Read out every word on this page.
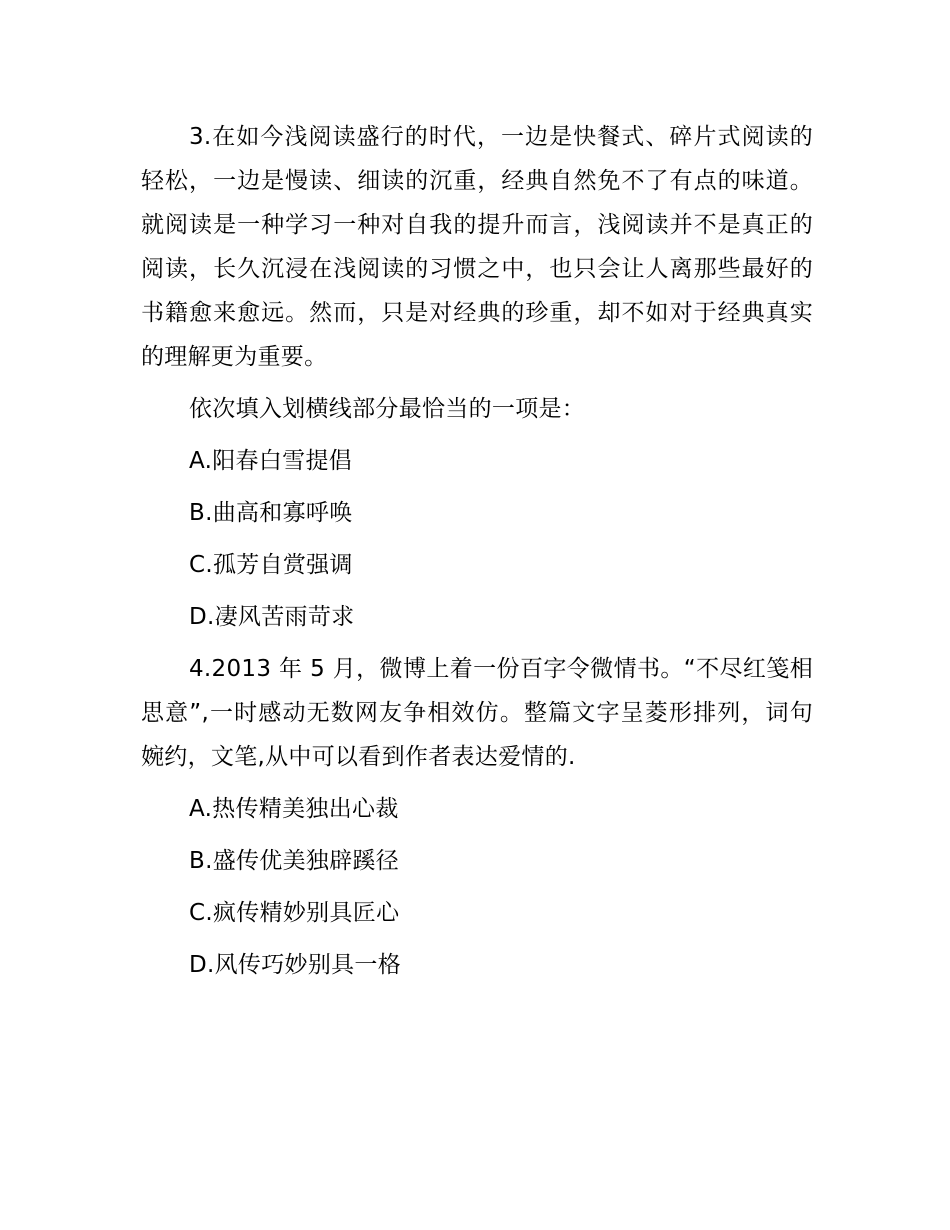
3.在如今浅阅读盛行的时代，一边是快餐式、碎片式阅读的轻松，一边是慢读、细读的沉重，经典自然免不了有点的味道。就阅读是一种学习一种对自我的提升而言，浅阅读并不是真正的阅读，长久沉浸在浅阅读的习惯之中，也只会让人离那些最好的书籍愈来愈远。然而，只是对经典的珍重，却不如对于经典真实的理解更为重要。

依次填入划横线部分最恰当的一项是：

A.阳春白雪提倡

B.曲高和寡呼唤

C.孤芳自赏强调

D.凄风苦雨苛求

4.2013 年 5 月，微博上着一份百字令微情书。“不尽红笺相思意”,一时感动无数网友争相效仿。整篇文字呈菱形排列，词句婉约，文笔,从中可以看到作者表达爱情的.

A.热传精美独出心裁

B.盛传优美独辟蹊径

C.疯传精妙别具匠心

D.风传巧妙别具一格
